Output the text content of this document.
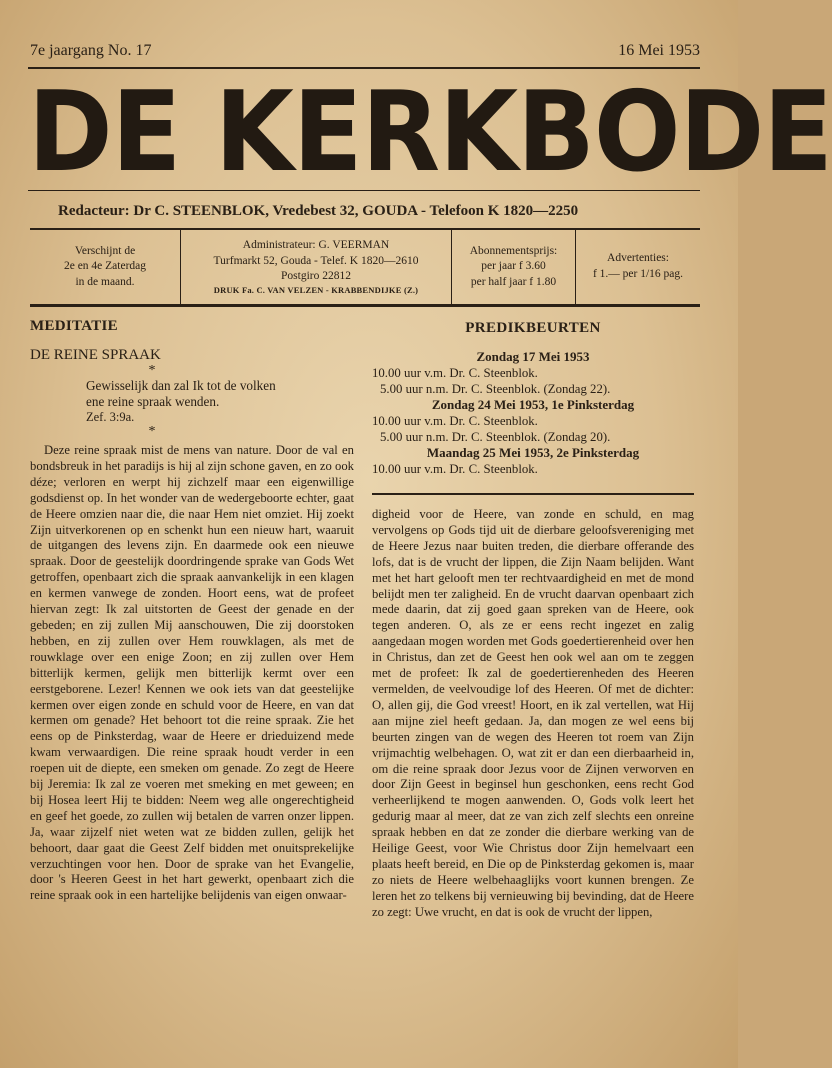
7e jaargang No. 17	16 Mei 1953
DE KERKBODE
Redacteur: Dr C. STEENBLOK, Vredebest 32, GOUDA - Telefoon K 1820—2250
Verschijnt de
2e en 4e Zaterdag
in de maand.
Administrateur: G. VEERMAN
Turfmarkt 52, Gouda - Telef. K 1820—2610
Postgiro 22812
DRUK Fa. C. VAN VELZEN - KRABBENDIJKE (Z.)
Abonnementsprijs:
per jaar f 3.60
per half jaar f 1.80
Advertenties:
f 1.— per 1/16 pag.
MEDITATIE
DE REINE SPRAAK
*
Gewisselijk dan zal Ik tot de volken
ene reine spraak wenden.
Zef. 3:9a.
*
Deze reine spraak mist de mens van nature. Door de val en bondsbreuk in het paradijs is hij al zijn schone gaven, en zo ook déze; verloren en werpt hij zichzelf maar een eigenwillige godsdienst op. In het wonder van de wedergeboorte echter, gaat de Heere omzien naar die, die naar Hem niet omziet. Hij zoekt Zijn uitverkorenen op en schenkt hun een nieuw hart, waaruit de uitgangen des levens zijn. En daarmede ook een nieuwe spraak. Door de geestelijk doordringende sprake van Gods Wet getroffen, openbaart zich die spraak aanvankelijk in een klagen en kermen vanwege de zonden. Hoort eens, wat de profeet hiervan zegt: Ik zal uitstorten de Geest der genade en der gebeden; en zij zullen Mij aanschouwen, Die zij doorstoken hebben, en zij zullen over Hem rouwklagen, als met de rouwklage over een enige Zoon; en zij zullen over Hem bitterlijk kermen, gelijk men bitterlijk kermt over een eerstgeborene. Lezer! Kennen we ook iets van dat geestelijke kermen over eigen zonde en schuld voor de Heere, en van dat kermen om genade? Het behoort tot die reine spraak. Zie het eens op de Pinksterdag, waar de Heere er drieduizend mede kwam verwaardigen. Die reine spraak houdt verder in een roepen uit de diepte, een smeken om genade. Zo zegt de Heere bij Jeremia: Ik zal ze voeren met smeking en met geween; en bij Hosea leert Hij te bidden: Neem weg alle ongerechtigheid en geef het goede, zo zullen wij betalen de varren onzer lippen. Ja, waar zijzelf niet weten wat ze bidden zullen, gelijk het behoort, daar gaat die Geest Zelf bidden met onuitsprekelijke verzuchtingen voor hen. Door de sprake van het Evangelie, door 's Heeren Geest in het hart gewerkt, openbaart zich die reine spraak ook in een hartelijke belijdenis van eigen onwaar-
PREDIKBEURTEN
Zondag 17 Mei 1953
10.00 uur v.m. Dr. C. Steenblok.
5.00 uur n.m. Dr. C. Steenblok. (Zondag 22).
Zondag 24 Mei 1953, 1e Pinksterdag
10.00 uur v.m. Dr. C. Steenblok.
5.00 uur n.m. Dr. C. Steenblok. (Zondag 20).
Maandag 25 Mei 1953, 2e Pinksterdag
10.00 uur v.m. Dr. C. Steenblok.
digheid voor de Heere, van zonde en schuld, en mag vervolgens op Gods tijd uit de dierbare geloofsvereniging met de Heere Jezus naar buiten treden, die dierbare offerande des lofs, dat is de vrucht der lippen, die Zijn Naam belijden. Want met het hart gelooft men ter rechtvaardigheid en met de mond belijdt men ter zaligheid. En de vrucht daarvan openbaart zich mede daarin, dat zij goed gaan spreken van de Heere, ook tegen anderen. O, als ze er eens recht ingezet en zalig aangedaan mogen worden met Gods goedertierenheid over hen in Christus, dan zet de Geest hen ook wel aan om te zeggen met de profeet: Ik zal de goedertierenheden des Heeren vermelden, de veelvoudige lof des Heeren. Of met de dichter: O, allen gij, die God vreest! Hoort, en ik zal vertellen, wat Hij aan mijne ziel heeft gedaan. Ja, dan mogen ze wel eens bij beurten zingen van de wegen des Heeren tot roem van Zijn vrijmachtig welbehagen. O, wat zit er dan een dierbaarheid in, om die reine spraak door Jezus voor de Zijnen verworven en door Zijn Geest in beginsel hun geschonken, eens recht God verheerlijkend te mogen aanwenden. O, Gods volk leert het gedurig maar al meer, dat ze van zich zelf slechts een onreine spraak hebben en dat ze zonder die dierbare werking van de Heilige Geest, voor Wie Christus door Zijn hemelvaart een plaats heeft bereid, en Die op de Pinksterdag gekomen is, maar zo niets de Heere welbehaaglijks voort kunnen brengen. Ze leren het zo telkens bij vernieuwing bij bevinding, dat de Heere zo zegt: Uwe vrucht, en dat is ook de vrucht der lippen,
